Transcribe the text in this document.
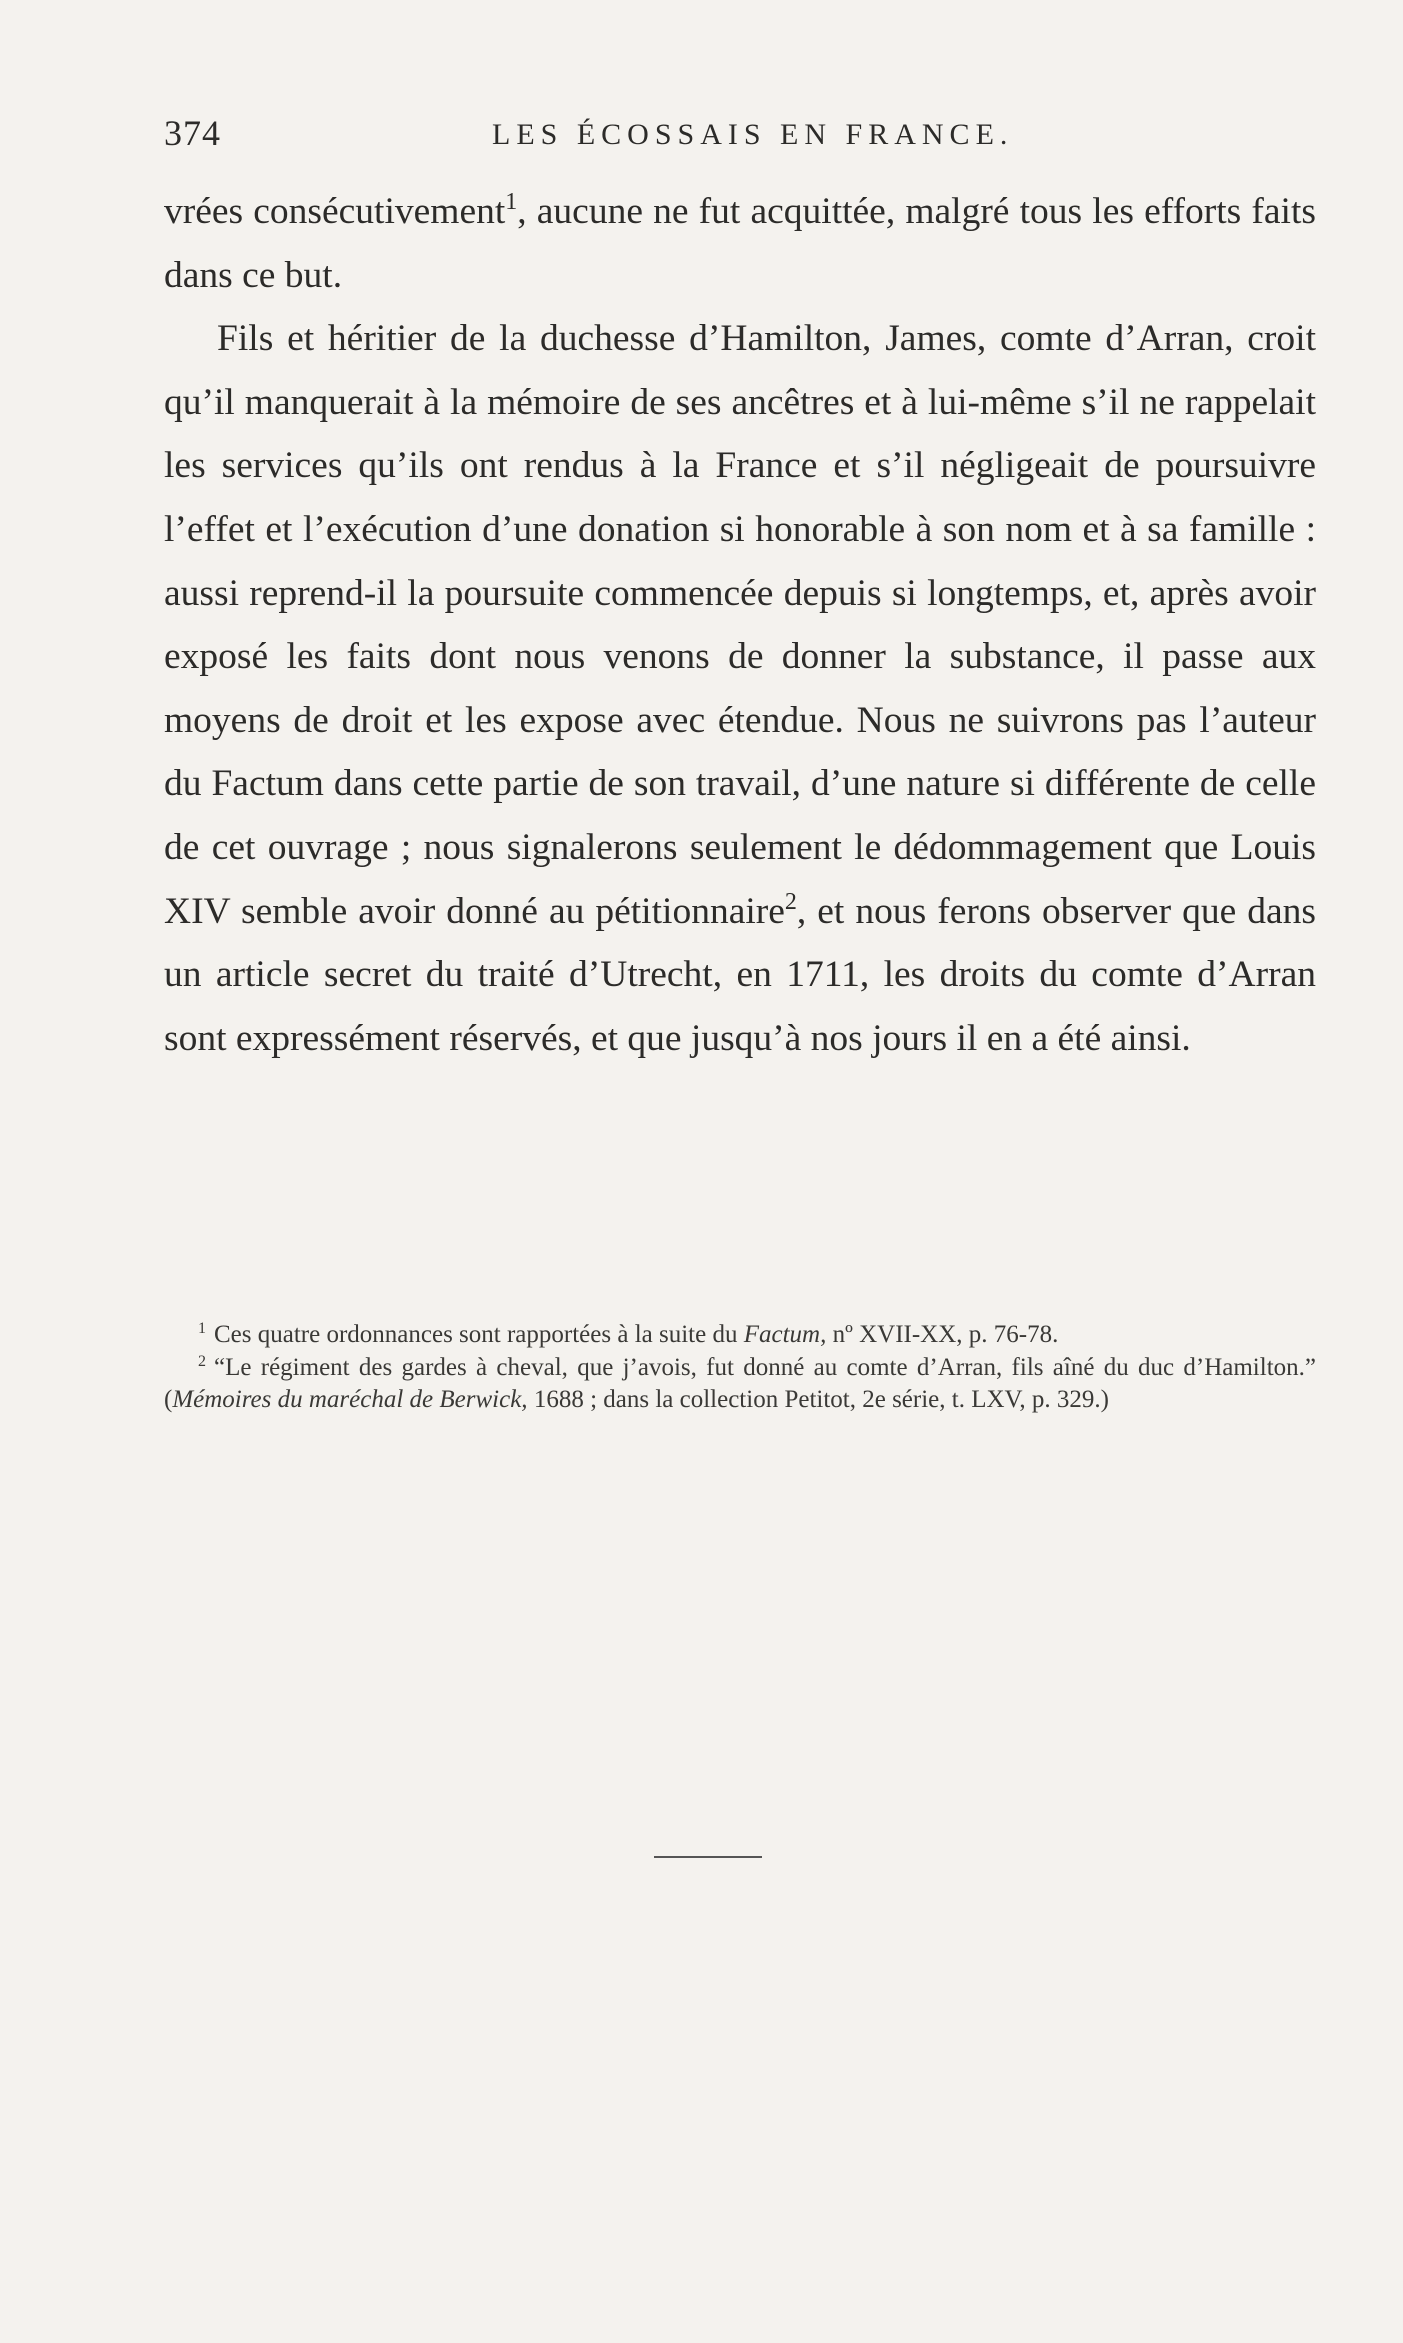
374	LES ÉCOSSAIS EN FRANCE.

vrées consécutivement$^1$, aucune ne fut acquittée, malgré tous les efforts faits dans ce but.

Fils et héritier de la duchesse d’Hamilton, James, comte d’Arran, croit qu’il manquerait à la mémoire de ses ancêtres et à lui-même s’il ne rappelait les services qu’ils ont rendus à la France et s’il négligeait de poursuivre l’effet et l’exécution d’une donation si honorable à son nom et à sa famille : aussi reprend-il la poursuite commencée depuis si longtemps, et, après avoir exposé les faits dont nous venons de donner la substance, il passe aux moyens de droit et les expose avec étendue. Nous ne suivrons pas l’auteur du Factum dans cette partie de son travail, d’une nature si différente de celle de cet ouvrage ; nous signalerons seulement le dédommagement que Louis XIV semble avoir donné au pétitionnaire$^2$, et nous ferons observer que dans un article secret du traité d’Utrecht, en 1711, les droits du comte d’Arran sont expressément réservés, et que jusqu’à nos jours il en a été ainsi.

$^1$ Ces quatre ordonnances sont rapportées à la suite du Factum, nº XVII-XX, p. 76-78.

$^2$ “Le régiment des gardes à cheval, que j’avois, fut donné au comte d’Arran, fils aîné du duc d’Hamilton.” (Mémoires du maréchal de Berwick, 1688 ; dans la collection Petitot, 2e série, t. LXV, p. 329.)
